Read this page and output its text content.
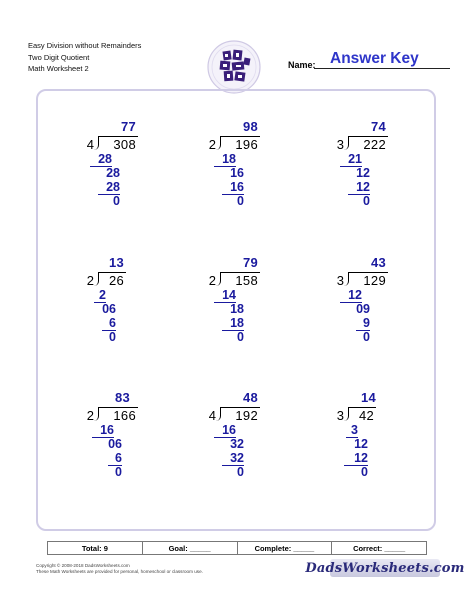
Easy Division without Remainders
Two Digit Quotient
Math Worksheet 2	Name: Answer Key
77
4	308
28
28
28
0
98
2	196
18
16
16
0
74
3	222
21
12
12
0
13
2	26
2
06
6
0
79
2	158
14
18
18
0
43
3	129
12
09
9
0
83
2	166
16
06
6
0
48
4	192
16
32
32
0
14
3	42
3
12
12
0
Total: 9	Goal: _____	Complete: _____	Correct: _____
Copyright © 2008-2018 DadsWorksheets.com
These Math Worksheets are provided for personal, homeschool or classroom use.	DadsWorksheets.com
